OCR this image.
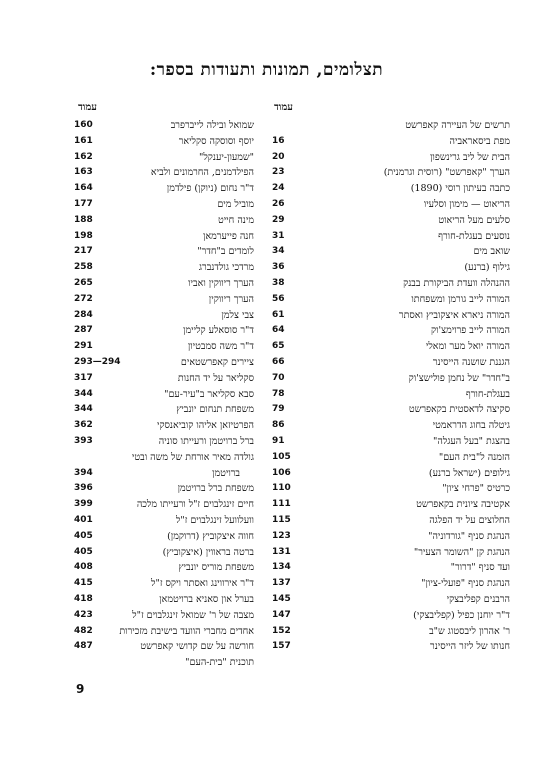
תצלומים, תמונות ותעודות בספר:
עמוד
תרשים של העיירה קאפרשט
מפת ביסאראביה
16
הבית של ליב גרינשפון
20
הערך "קאפרשט" (רוסית וגרמנית)
23
כתבה בעיתון רוסי (1890)
24
הריאוט — מימון וסלעיו
26
סלעים מעל הריאוט
29
נוסעים בעגלת-חורף
31
שואב מים
34
גילוף (ברנע)
36
ההנהלה וועדת הביקורת בבנק
38
המורה לייב גורמן ומשפחתו
56
המורה ניארא איצקוביץ ואסתר
61
המורה לייב פרוימצ'וק
64
המורה יואל מער ומאלי
65
הגננת שושנה הייסינר
66
ב"חדר" של נחמן פולישצ'וק
70
בעגלת-חורף
78
סקיצה לדאסטית בקאפרשט
79
גיטלה בחוג הדראמטי
86
בהצגת "בעל העגלה"
91
הזמנה ל"בית העם"
105
גילופים (ישראל ברנע)
106
כרטיס "פרחי ציון"
110
אקטיבה ציונית בקאפרשט
111
החלוצים על יד הפלגה
115
הנהגת סניף "גורדוניה"
123
הנהגת קן "השומר הצעיר"
131
ועד סניף "דרור"
134
הנהגת סניף "פועלי-ציון"
137
הרבנים קפליבצקי
145
ד"ר יוחנן כפיל (קפליבצקי)
147
ר' אהרון ליבסטוג ש"ב
152
חנותו של ליזר הייסינר
157
עמוד
שמואל ובילה לייברפרב
160
יוסף וסוסקה סקליאר
161
"שמעון-יענקל"
162
הפילדמנים, החרמונים ולביא
163
ד"ר נחום (ניוקן) פילדמן
164
מוביל מים
177
מינה חייט
188
חנה פייערמאן
198
לומדים ב"חדר"
217
מרדכי גולדנברג
258
הערך ריווקין ואביו
265
הערך ריווקין
272
צבי צלמן
284
ד"ר סוסאלע קליימן
287
ד"ר משה סמבטיון
291
ציירים קאפרשטאים
293—294
סקליאר על יד החנות
317
סבא סקליאר ב"עיר-עם"
344
משפחת תנחום יונביץ
344
הפרטיזאן אליהו קוביאנסקי
362
ברל ברויטמן ורעייתו סוניה
393
גולדה מאיר אורחת של משה ובטי
ברויטמן
394
משפחת ברל ברויטמן
396
חיים זינגלבוים ז"ל ורעייתו מלכה
399
וועלוועל זינגלבוים ז"ל
401
חווה איצקוביץ (דרוקמן)
405
ברטה בראווין (איצקוביץ)
405
משפחת מוריס יונביץ
408
ד"ר אירווינג ואסתר ויקס ז"ל
415
בערל און סאניא ברויטמאן
418
מצבה של ר' שמואל זינגלבוים ז"ל
423
אחדים מחברי הוועד בישיבת מזכירות
482
חורשה על שם קדושי קאפרשט
487
תוכנית "בית-העם"
9
